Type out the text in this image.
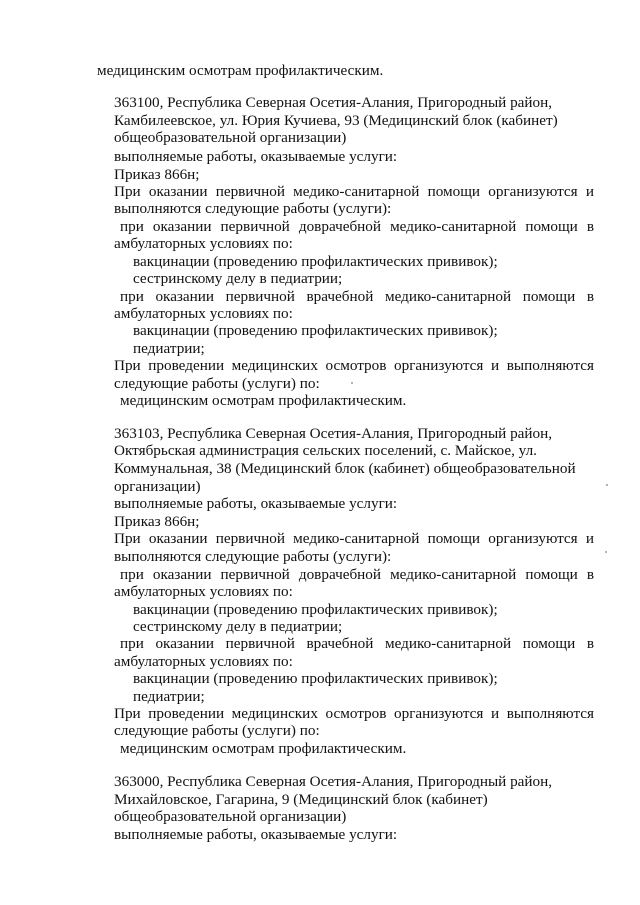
медицинским осмотрам профилактическим.
363100, Республика Северная Осетия-Алания, Пригородный район,
Камбилеевское, ул. Юрия Кучиева, 93 (Медицинский блок (кабинет)
общеобразовательной организации)
выполняемые работы, оказываемые услуги:
Приказ 866н;
При оказании первичной медико-санитарной помощи организуются и
выполняются следующие работы (услуги):
при оказании первичной доврачебной медико-санитарной помощи в
амбулаторных условиях по:
вакцинации (проведению профилактических прививок);
сестринскому делу в педиатрии;
при оказании первичной врачебной медико-санитарной помощи в
амбулаторных условиях по:
вакцинации (проведению профилактических прививок);
педиатрии;
При проведении медицинских осмотров организуются и выполняются
следующие работы (услуги) по:
медицинским осмотрам профилактическим.
363103, Республика Северная Осетия-Алания, Пригородный район,
Октябрьская администрация сельских поселений, с. Майское, ул.
Коммунальная, 38 (Медицинский блок (кабинет) общеобразовательной
организации)
выполняемые работы, оказываемые услуги:
Приказ 866н;
При оказании первичной медико-санитарной помощи организуются и
выполняются следующие работы (услуги):
при оказании первичной доврачебной медико-санитарной помощи в
амбулаторных условиях по:
вакцинации (проведению профилактических прививок);
сестринскому делу в педиатрии;
при оказании первичной врачебной медико-санитарной помощи в
амбулаторных условиях по:
вакцинации (проведению профилактических прививок);
педиатрии;
При проведении медицинских осмотров организуются и выполняются
следующие работы (услуги) по:
медицинским осмотрам профилактическим.
363000, Республика Северная Осетия-Алания, Пригородный район,
Михайловское, Гагарина, 9 (Медицинский блок (кабинет)
общеобразовательной организации)
выполняемые работы, оказываемые услуги:
